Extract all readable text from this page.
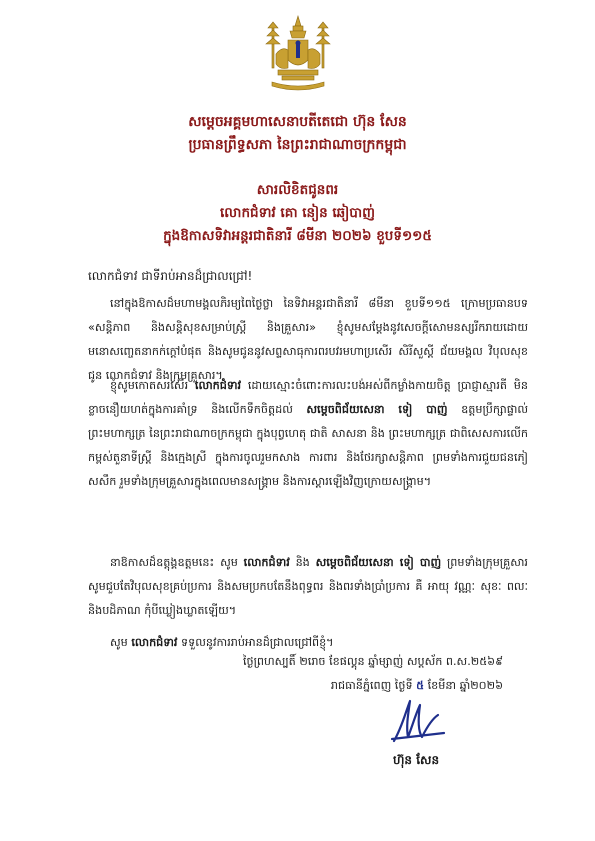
សម្តេចអគ្គមហាសេនាបតីតេជោ ហ៊ុន សែន
ប្រធានព្រឹទ្ធសភា នៃព្រះរាជាណាចក្រកម្ពុជា
សារលិខិតជូនពរ
លោកជំទាវ គោ នៀន ឆៀបាញ់
ក្នុងឱកាសទិវាអន្តរជាតិនារី ៨មីនា ២០២៦ ខួបទី១១៥
លោកជំទាវ ជាទីរាប់អានដ៏ជ្រាលជ្រៅ!

នៅក្នុងឱកាសដ៏មហាមង្គលភិរម្យពៃថ្ងៃថ្លា នៃទិវាអន្តរជាតិនារី ៨មីនា ខួបទី១១៥ ក្រោមប្រធានបទ «សន្តិភាព និងសន្តិសុខសម្រាប់ស្ត្រី និងគ្រួសារ» ខ្ញុំសូមសម្តែងនូវសេចក្តីសោមនស្សរីករាយដោយមនោសញ្ចេតនាកក់ក្តៅបំផុត និងសូមជូននូវសព្ទសាធុការពរបវរមហាប្រសើរ សិរីសួស្តី ជ័យមង្គល វិបុលសុខ ជូន លោកជំទាវ និងក្រុមគ្រួសារ។

ខ្ញុំសូមកោតសរសើរ លោកជំទាវ ដោយស្មោះចំពោះការលះបង់អស់ពីកម្លាំងកាយចិត្ត ប្រាជ្ញាស្មារតី មិនខ្លាចនឿយហត់ក្នុងការគាំទ្រ និងលើកទឹកចិត្តដល់ សម្តេចពិជ័យសេនា ទៀ បាញ់ ឧត្តមប្រឹក្សាផ្ទាល់ព្រះមហាក្សត្រ នៃព្រះរាជាណាចក្រកម្ពុជា ក្នុងបុព្វហេតុ ជាតិ សាសនា និង ព្រះមហាក្សត្រ ជាពិសេសការលើកកម្ពស់តួនាទីស្ត្រី និងក្មេងស្រី ក្នុងការចូលរួមកសាង ការពារ និងថែរក្សាសន្តិភាព ព្រមទាំងការជួយជនភៀសសឹក រួមទាំងក្រុមគ្រួសារក្នុងពេលមានសង្គ្រាម និងការស្តារឡើងវិញក្រោយសង្គ្រាម។

នាឱកាសដ៏ឧត្តុង្គឧត្តមនេះ សូម លោកជំទាវ និង សម្តេចពិជ័យសេនា ទៀ បាញ់ ព្រមទាំងក្រុមគ្រួសារ សូមជួបតែវិបុលសុខគ្រប់ប្រការ និងសមប្រកបតែនឹងពុទ្ធពរ និងពរទាំងប្រាំប្រការ គឺ អាយុ វណ្ណៈ សុខៈ ពលៈ និងបដិភាណ កុំបីឃ្លៀងឃ្លាតឡើយ។

សូម លោកជំទាវ ទទួលនូវការរាប់អានដ៏ជ្រាលជ្រៅពីខ្ញុំ។

ថ្ងៃព្រហស្បតិ៍ ២រោច ខែផល្គុន ឆ្នាំម្សាញ់ សប្តស័ក ព.ស.២៥៦៩
រាជធានីភ្នំពេញ ថ្ងៃទី ៥ ខែមីនា ឆ្នាំ២០២៦
ហ៊ុន សែន
